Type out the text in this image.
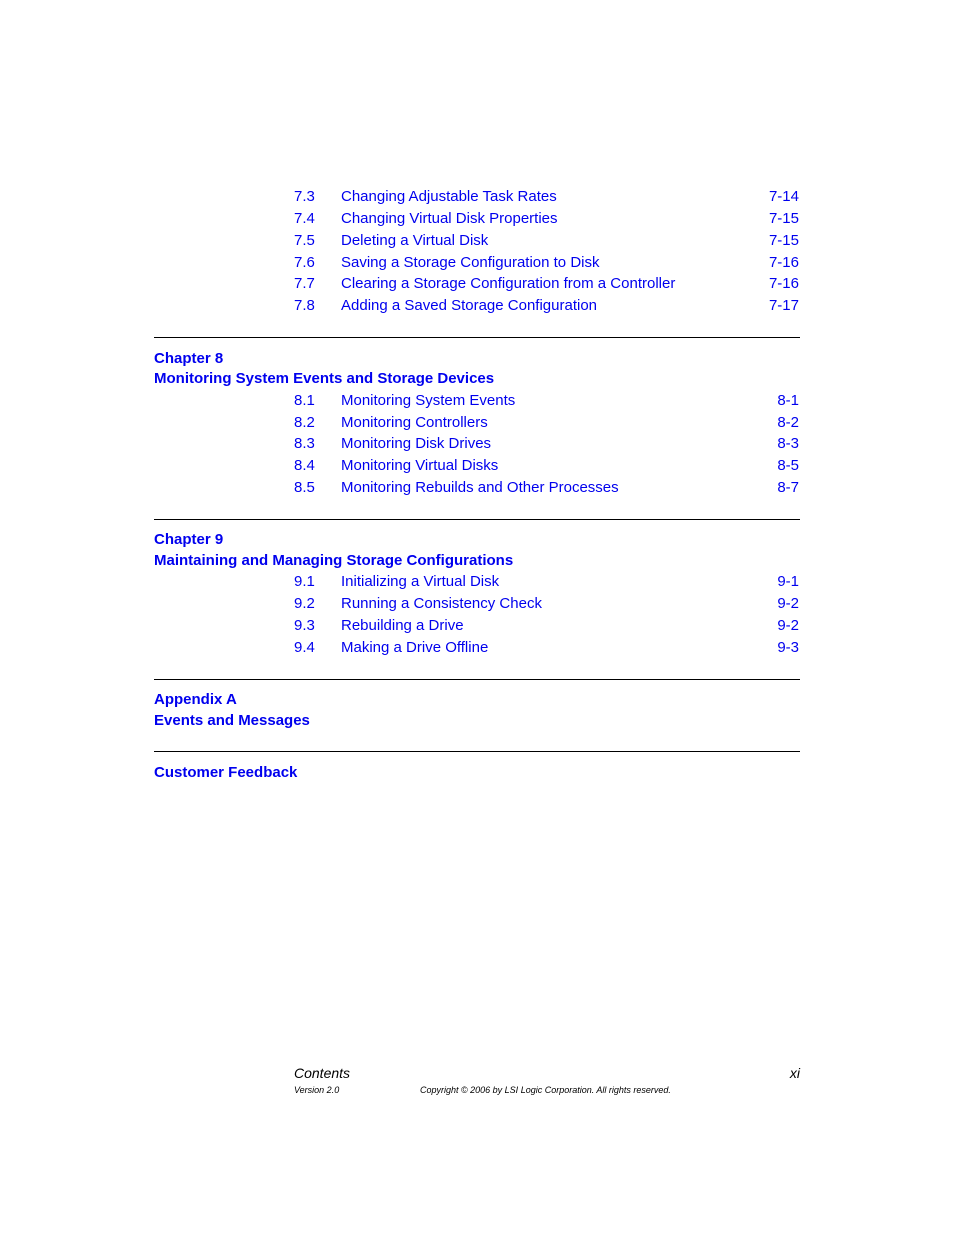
7.3 Changing Adjustable Task Rates	7-14
7.4 Changing Virtual Disk Properties	7-15
7.5 Deleting a Virtual Disk	7-15
7.6 Saving a Storage Configuration to Disk	7-16
7.7 Clearing a Storage Configuration from a Controller	7-16
7.8 Adding a Saved Storage Configuration	7-17
Chapter 8
Monitoring System Events and Storage Devices
8.1 Monitoring System Events	8-1
8.2 Monitoring Controllers	8-2
8.3 Monitoring Disk Drives	8-3
8.4 Monitoring Virtual Disks	8-5
8.5 Monitoring Rebuilds and Other Processes	8-7
Chapter 9
Maintaining and Managing Storage Configurations
9.1 Initializing a Virtual Disk	9-1
9.2 Running a Consistency Check	9-2
9.3 Rebuilding a Drive	9-2
9.4 Making a Drive Offline	9-3
Appendix A
Events and Messages
Customer Feedback
Contents	xi
Version 2.0	Copyright © 2006 by LSI Logic Corporation. All rights reserved.
